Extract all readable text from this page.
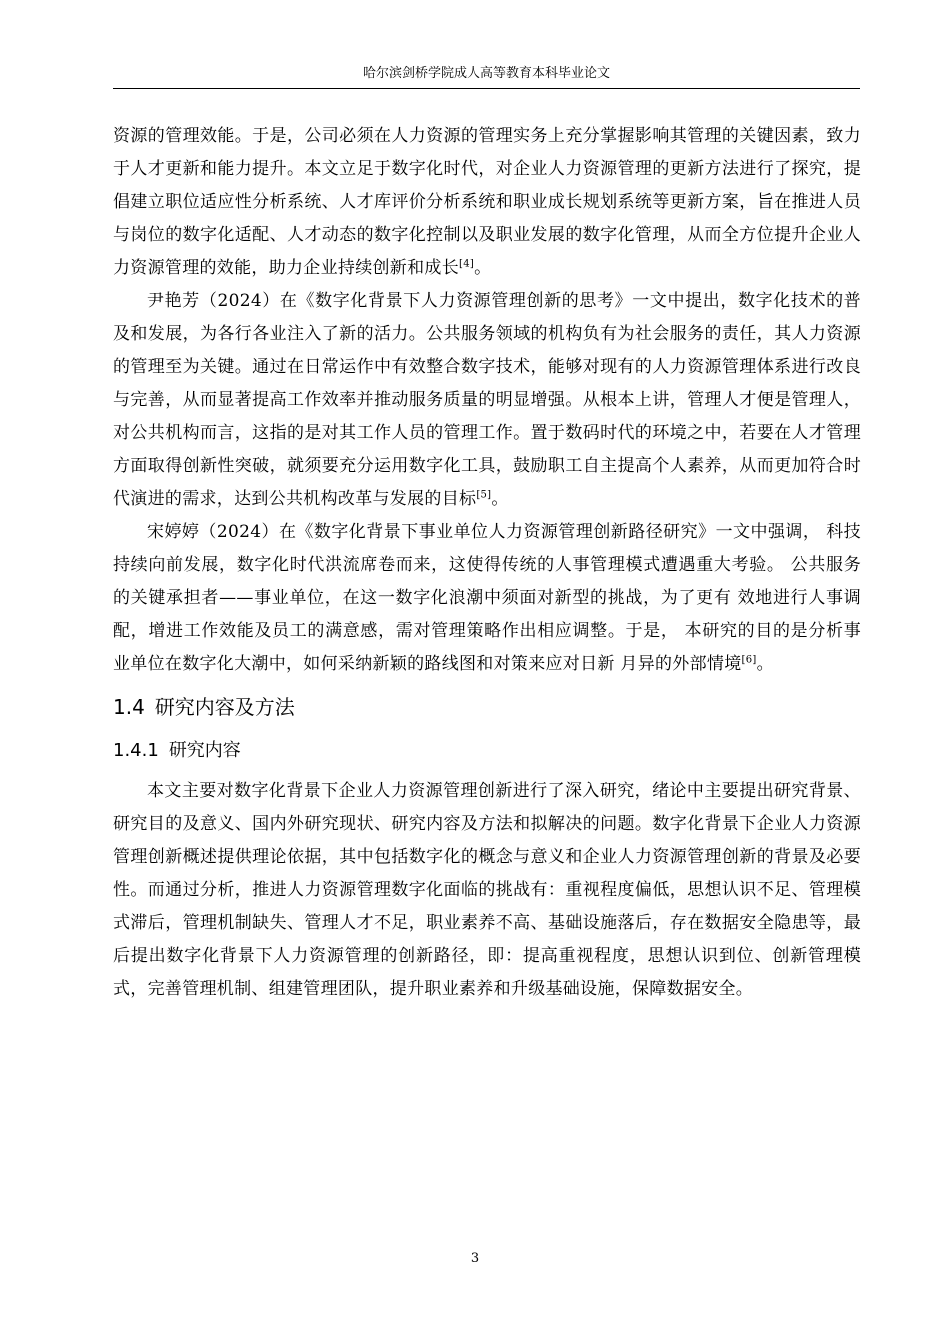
哈尔滨剑桥学院成人高等教育本科毕业论文

资源的管理效能。于是，公司必须在人力资源的管理实务上充分掌握影响其管理的关键因素，致力于人才更新和能力提升。本文立足于数字化时代，对企业人力资源管理的更新方法进行了探究，提倡建立职位适应性分析系统、人才库评价分析系统和职业成长规划系统等更新方案，旨在推进人员与岗位的数字化适配、人才动态的数字化控制以及职业发展的数字化管理，从而全方位提升企业人力资源管理的效能，助力企业持续创新和成长[4]。

尹艳芳（2024）在《数字化背景下人力资源管理创新的思考》一文中提出，数字化技术的普及和发展，为各行各业注入了新的活力。公共服务领域的机构负有为社会服务的责任，其人力资源的管理至为关键。通过在日常运作中有效整合数字技术，能够对现有的人力资源管理体系进行改良与完善，从而显著提高工作效率并推动服务质量的明显增强。从根本上讲，管理人才便是管理人，对公共机构而言，这指的是对其工作人员的管理工作。置于数码时代的环境之中，若要在人才管理方面取得创新性突破，就须要充分运用数字化工具，鼓励职工自主提高个人素养，从而更加符合时代演进的需求，达到公共机构改革与发展的目标[5]。

宋婷婷（2024）在《数字化背景下事业单位人力资源管理创新路径研究》一文中强调， 科技持续向前发展，数字化时代洪流席卷而来，这使得传统的人事管理模式遭遇重大考验。 公共服务的关键承担者——事业单位，在这一数字化浪潮中须面对新型的挑战，为了更有 效地进行人事调配，增进工作效能及员工的满意感，需对管理策略作出相应调整。于是， 本研究的目的是分析事业单位在数字化大潮中，如何采纳新颖的路线图和对策来应对日新 月异的外部情境[6]。

1.4 研究内容及方法
1.4.1 研究内容

本文主要对数字化背景下企业人力资源管理创新进行了深入研究，绪论中主要提出研究背景、研究目的及意义、国内外研究现状、研究内容及方法和拟解决的问题。数字化背景下企业人力资源管理创新概述提供理论依据，其中包括数字化的概念与意义和企业人力资源管理创新的背景及必要性。而通过分析，推进人力资源管理数字化面临的挑战有：重视程度偏低，思想认识不足、管理模式滞后，管理机制缺失、管理人才不足，职业素养不高、基础设施落后，存在数据安全隐患等，最后提出数字化背景下人力资源管理的创新路径，即：提高重视程度，思想认识到位、创新管理模式，完善管理机制、组建管理团队，提升职业素养和升级基础设施，保障数据安全。

3
